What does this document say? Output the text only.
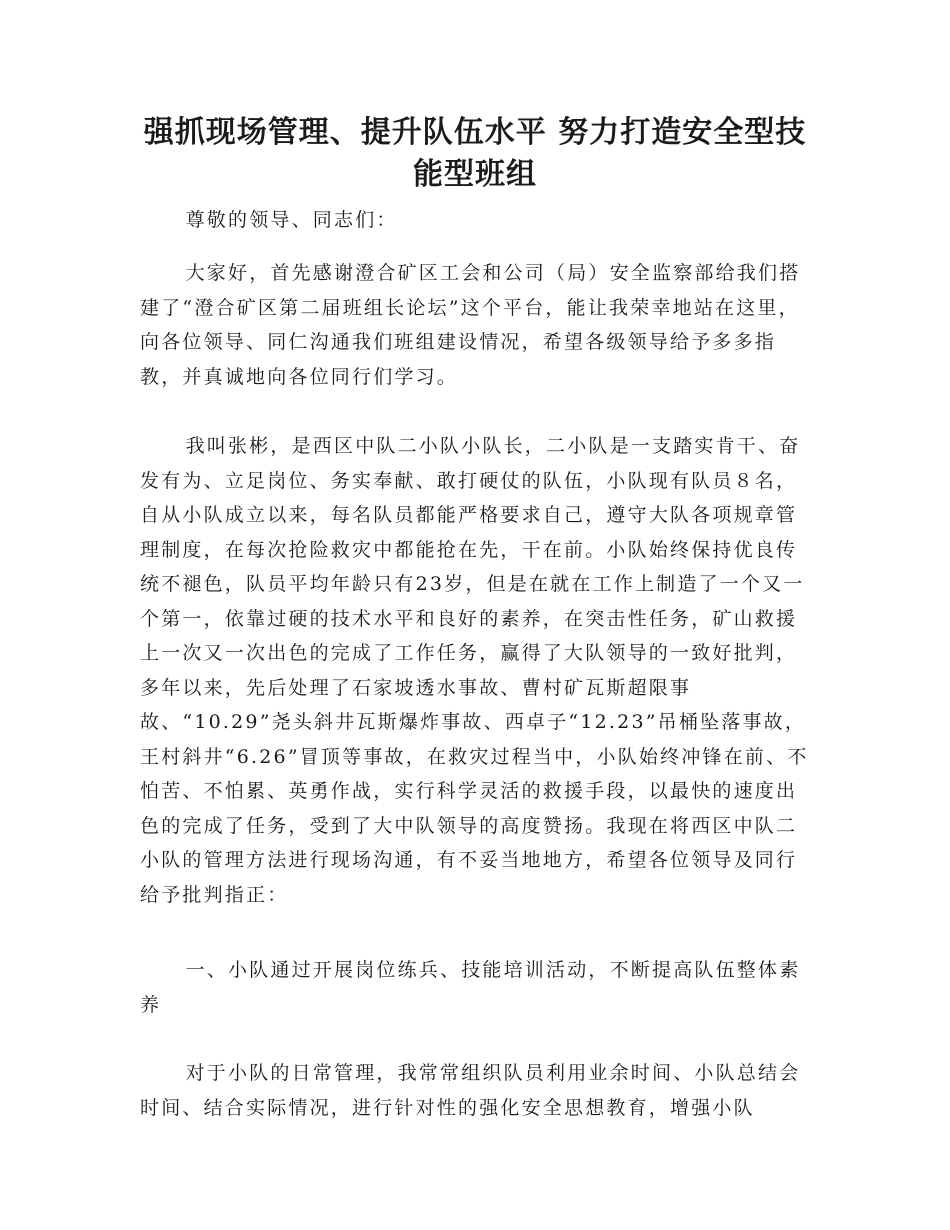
强抓现场管理、提升队伍水平 努力打造安全型技
能型班组

尊敬的领导、同志们：

大家好，首先感谢澄合矿区工会和公司（局）安全监察部给我们搭建了“澄合矿区第二届班组长论坛”这个平台，能让我荣幸地站在这里，向各位领导、同仁沟通我们班组建设情况，希望各级领导给予多多指教，并真诚地向各位同行们学习。

我叫张彬，是西区中队二小队小队长，二小队是一支踏实肯干、奋发有为、立足岗位、务实奉献、敢打硬仗的队伍，小队现有队员８名，自从小队成立以来，每名队员都能严格要求自己，遵守大队各项规章管理制度，在每次抢险救灾中都能抢在先，干在前。小队始终保持优良传统不褪色，队员平均年龄只有23岁，但是在就在工作上制造了一个又一个第一，依靠过硬的技术水平和良好的素养，在突击性任务，矿山救援上一次又一次出色的完成了工作任务，赢得了大队领导的一致好批判，多年以来，先后处理了石家坡透水事故、曹村矿瓦斯超限事故、“10.29”尧头斜井瓦斯爆炸事故、西卓子“12.23”吊桶坠落事故，王村斜井“6.26”冒顶等事故，在救灾过程当中，小队始终冲锋在前、不怕苦、不怕累、英勇作战，实行科学灵活的救援手段，以最快的速度出色的完成了任务，受到了大中队领导的高度赞扬。我现在将西区中队二小队的管理方法进行现场沟通，有不妥当地地方，希望各位领导及同行给予批判指正：

一、小队通过开展岗位练兵、技能培训活动，不断提高队伍整体素养

对于小队的日常管理，我常常组织队员利用业余时间、小队总结会时间、结合实际情况，进行针对性的强化安全思想教育，增强小队
